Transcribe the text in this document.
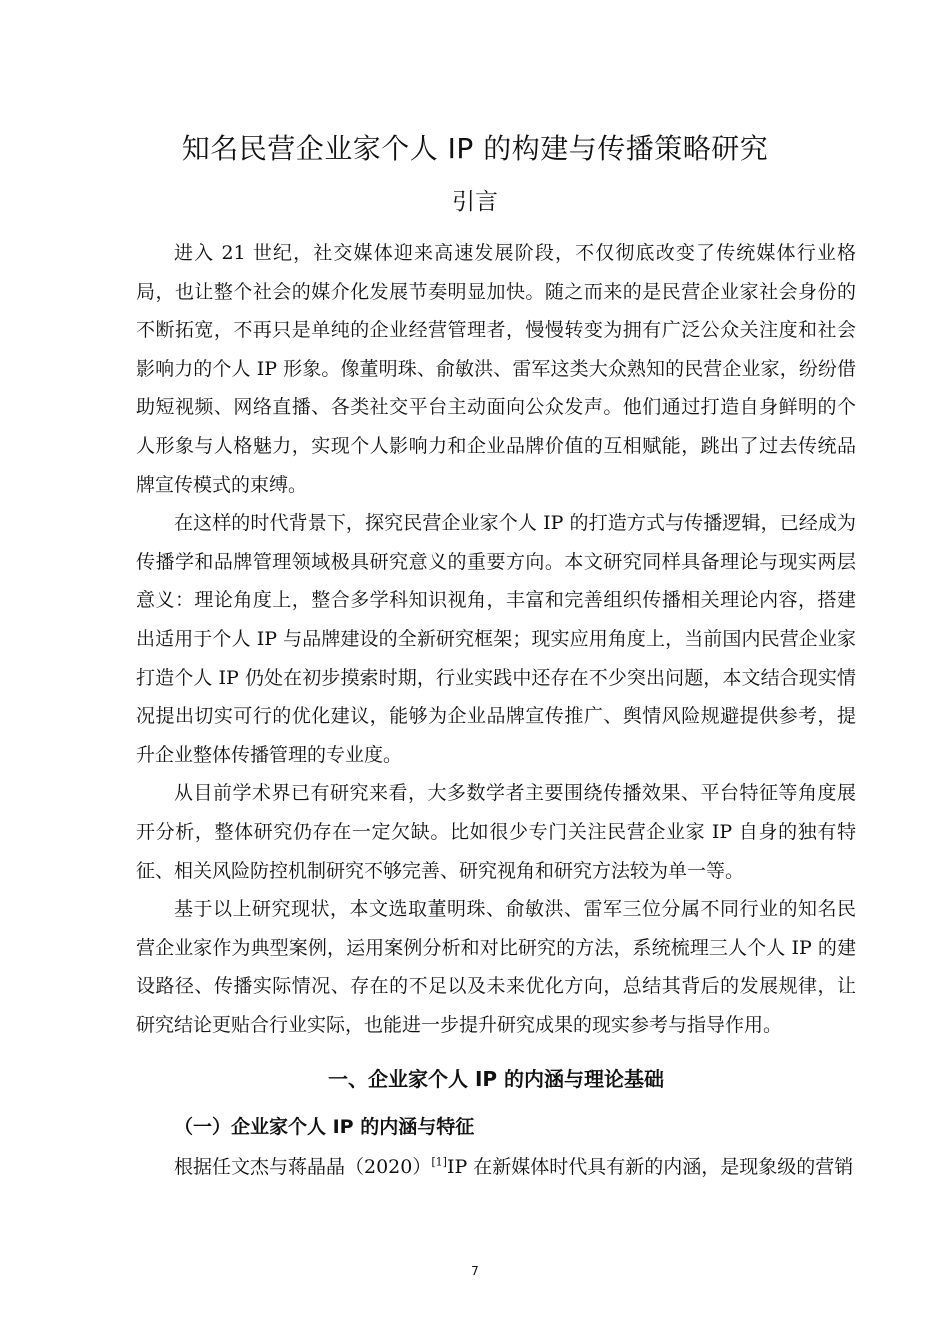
知名民营企业家个人 IP 的构建与传播策略研究
引言

进入 21 世纪，社交媒体迎来高速发展阶段，不仅彻底改变了传统媒体行业格局，也让整个社会的媒介化发展节奏明显加快。随之而来的是民营企业家社会身份的不断拓宽，不再只是单纯的企业经营管理者，慢慢转变为拥有广泛公众关注度和社会影响力的个人 IP 形象。像董明珠、俞敏洪、雷军这类大众熟知的民营企业家，纷纷借助短视频、网络直播、各类社交平台主动面向公众发声。他们通过打造自身鲜明的个人形象与人格魅力，实现个人影响力和企业品牌价值的互相赋能，跳出了过去传统品牌宣传模式的束缚。

在这样的时代背景下，探究民营企业家个人 IP 的打造方式与传播逻辑，已经成为传播学和品牌管理领域极具研究意义的重要方向。本文研究同样具备理论与现实两层意义：理论角度上，整合多学科知识视角，丰富和完善组织传播相关理论内容，搭建出适用于个人 IP 与品牌建设的全新研究框架；现实应用角度上，当前国内民营企业家打造个人 IP 仍处在初步摸索时期，行业实践中还存在不少突出问题，本文结合现实情况提出切实可行的优化建议，能够为企业品牌宣传推广、舆情风险规避提供参考，提升企业整体传播管理的专业度。

从目前学术界已有研究来看，大多数学者主要围绕传播效果、平台特征等角度展开分析，整体研究仍存在一定欠缺。比如很少专门关注民营企业家 IP 自身的独有特征、相关风险防控机制研究不够完善、研究视角和研究方法较为单一等。

基于以上研究现状，本文选取董明珠、俞敏洪、雷军三位分属不同行业的知名民营企业家作为典型案例，运用案例分析和对比研究的方法，系统梳理三人个人 IP 的建设路径、传播实际情况、存在的不足以及未来优化方向，总结其背后的发展规律，让研究结论更贴合行业实际，也能进一步提升研究成果的现实参考与指导作用。

一、企业家个人 IP 的内涵与理论基础
（一）企业家个人 IP 的内涵与特征

根据任文杰与蒋晶晶（2020）[1]IP 在新媒体时代具有新的内涵，是现象级的营销

7
